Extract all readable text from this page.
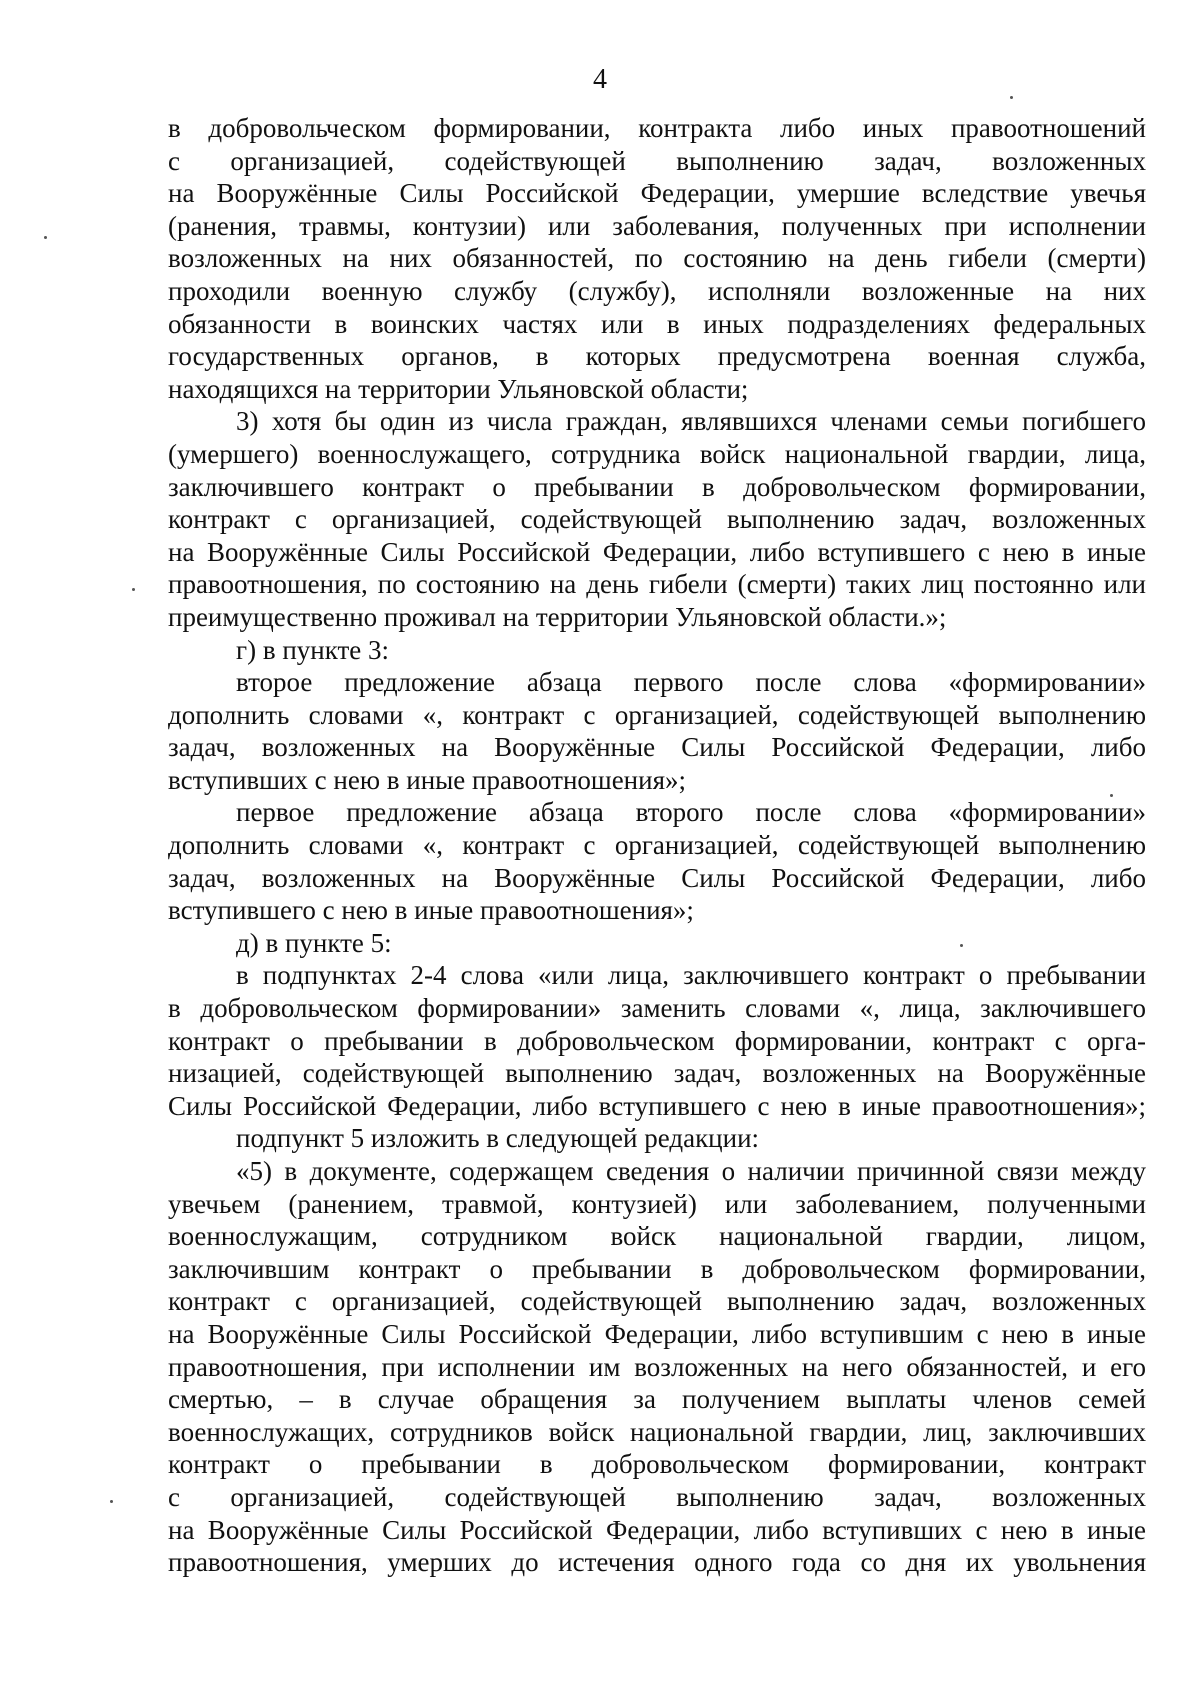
4
в добровольческом формировании, контракта либо иных правоотношений
с организацией, содействующей выполнению задач, возложенных
на Вооружённые Силы Российской Федерации, умершие вследствие увечья
(ранения, травмы, контузии) или заболевания, полученных при исполнении
возложенных на них обязанностей, по состоянию на день гибели (смерти)
проходили военную службу (службу), исполняли возложенные на них
обязанности в воинских частях или в иных подразделениях федеральных
государственных органов, в которых предусмотрена военная служба,
находящихся на территории Ульяновской области;
3) хотя бы один из числа граждан, являвшихся членами семьи погибшего
(умершего) военнослужащего, сотрудника войск национальной гвардии, лица,
заключившего контракт о пребывании в добровольческом формировании,
контракт с организацией, содействующей выполнению задач, возложенных
на Вооружённые Силы Российской Федерации, либо вступившего с нею в иные
правоотношения, по состоянию на день гибели (смерти) таких лиц постоянно или
преимущественно проживал на территории Ульяновской области.»;
г) в пункте 3:
второе предложение абзаца первого после слова «формировании»
дополнить словами «, контракт с организацией, содействующей выполнению
задач, возложенных на Вооружённые Силы Российской Федерации, либо
вступивших с нею в иные правоотношения»;
первое предложение абзаца второго после слова «формировании»
дополнить словами «, контракт с организацией, содействующей выполнению
задач, возложенных на Вооружённые Силы Российской Федерации, либо
вступившего с нею в иные правоотношения»;
д) в пункте 5:
в подпунктах 2-4 слова «или лица, заключившего контракт о пребывании
в добровольческом формировании» заменить словами «, лица, заключившего
контракт о пребывании в добровольческом формировании, контракт с орга-
низацией, содействующей выполнению задач, возложенных на Вооружённые
Силы Российской Федерации, либо вступившего с нею в иные правоотношения»;
подпункт 5 изложить в следующей редакции:
«5) в документе, содержащем сведения о наличии причинной связи между
увечьем (ранением, травмой, контузией) или заболеванием, полученными
военнослужащим, сотрудником войск национальной гвардии, лицом,
заключившим контракт о пребывании в добровольческом формировании,
контракт с организацией, содействующей выполнению задач, возложенных
на Вооружённые Силы Российской Федерации, либо вступившим с нею в иные
правоотношения, при исполнении им возложенных на него обязанностей, и его
смертью, – в случае обращения за получением выплаты членов семей
военнослужащих, сотрудников войск национальной гвардии, лиц, заключивших
контракт о пребывании в добровольческом формировании, контракт
с организацией, содействующей выполнению задач, возложенных
на Вооружённые Силы Российской Федерации, либо вступивших с нею в иные
правоотношения, умерших до истечения одного года со дня их увольнения
